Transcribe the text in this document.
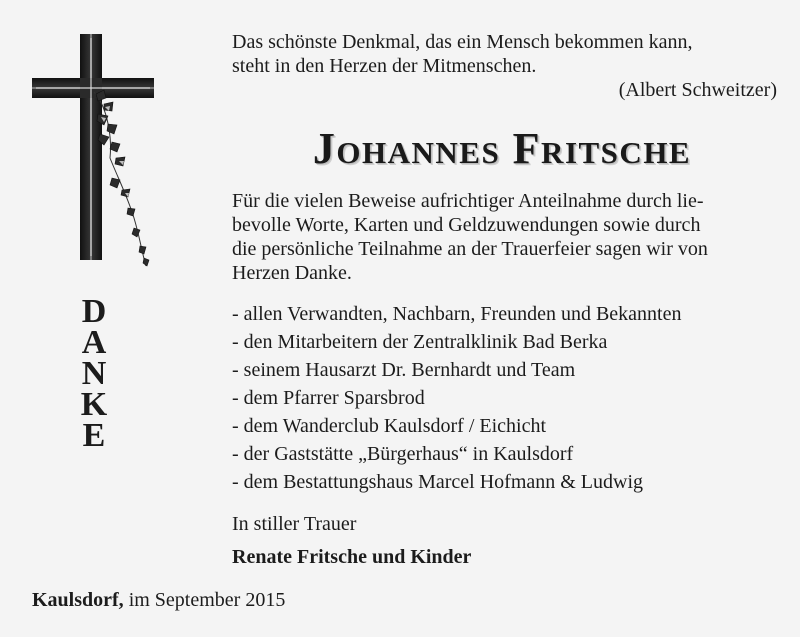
D
A
N
K
E
Das schönste Denkmal, das ein Mensch bekommen kann,
steht in den Herzen der Mitmenschen.
(Albert Schweitzer)
Johannes Fritsche
Für die vielen Beweise aufrichtiger Anteilnahme durch lie-
bevolle Worte, Karten und Geldzuwendungen sowie durch
die persönliche Teilnahme an der Trauerfeier sagen wir von
Herzen Danke.
- allen Verwandten, Nachbarn, Freunden und Bekannten
- den Mitarbeitern der Zentralklinik Bad Berka
- seinem Hausarzt Dr. Bernhardt und Team
- dem Pfarrer Sparsbrod
- dem Wanderclub Kaulsdorf / Eichicht
- der Gaststätte „Bürgerhaus“ in Kaulsdorf
- dem Bestattungshaus Marcel Hofmann & Ludwig
In stiller Trauer
Renate Fritsche und Kinder
Kaulsdorf, im September 2015
